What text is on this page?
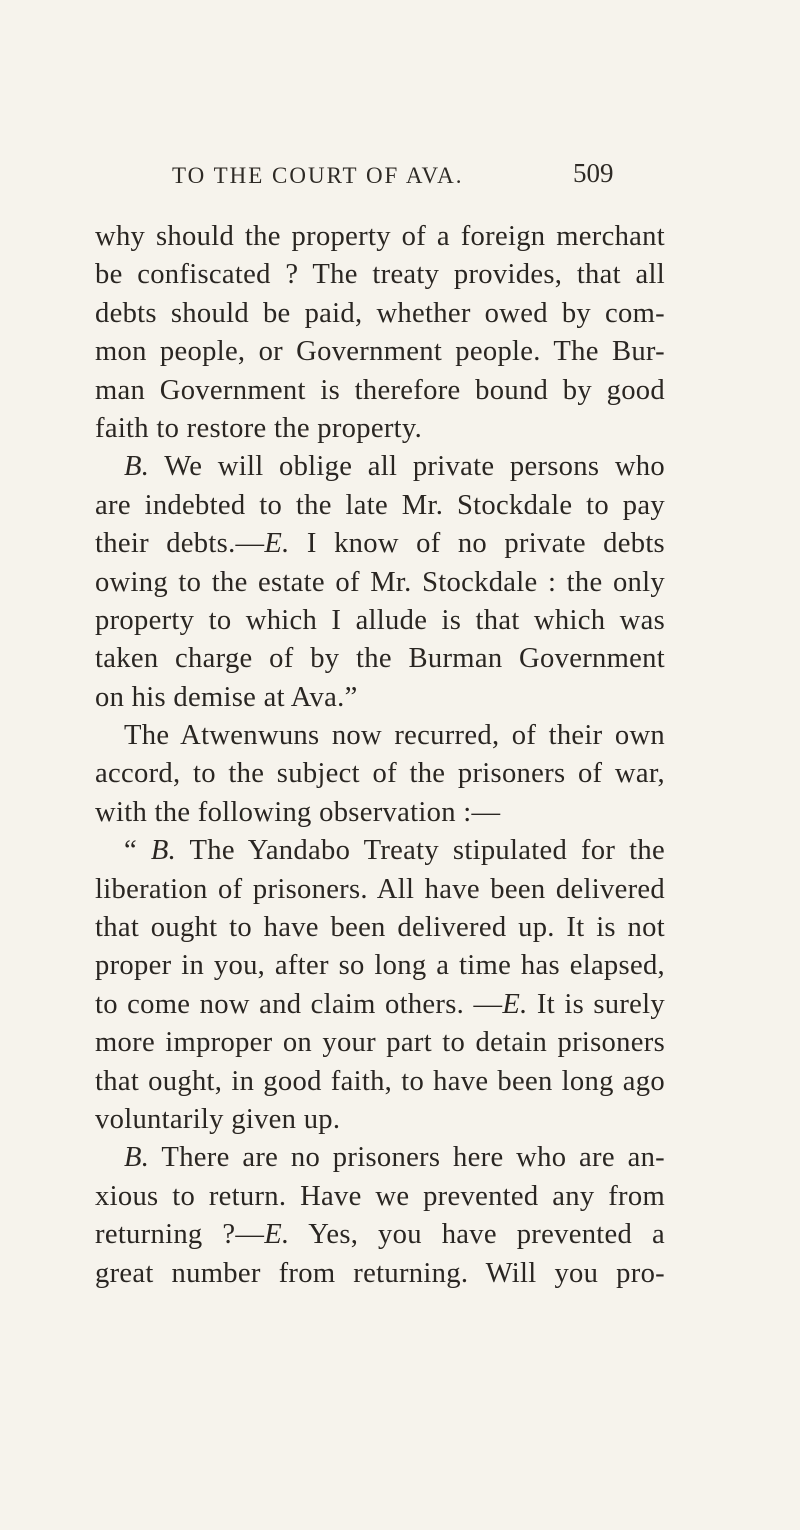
TO THE COURT OF AVA.	509
why should the property of a foreign merchant
be confiscated ? The treaty provides, that all
debts should be paid, whether owed by com-
mon people, or Government people. The Bur-
man Government is therefore bound by good
faith to restore the property.
B. We will oblige all private persons who
are indebted to the late Mr. Stockdale to pay
their debts.—E. I know of no private debts
owing to the estate of Mr. Stockdale : the only
property to which I allude is that which was
taken charge of by the Burman Government
on his demise at Ava.”
The Atwenwuns now recurred, of their own
accord, to the subject of the prisoners of war,
with the following observation :—
“ B. The Yandabo Treaty stipulated for the
liberation of prisoners. All have been delivered
that ought to have been delivered up. It is not
proper in you, after so long a time has elapsed,
to come now and claim others. —E. It is surely
more improper on your part to detain prisoners
that ought, in good faith, to have been long ago
voluntarily given up.
B. There are no prisoners here who are an-
xious to return. Have we prevented any from
returning ?—E. Yes, you have prevented a
great number from returning. Will you pro-
